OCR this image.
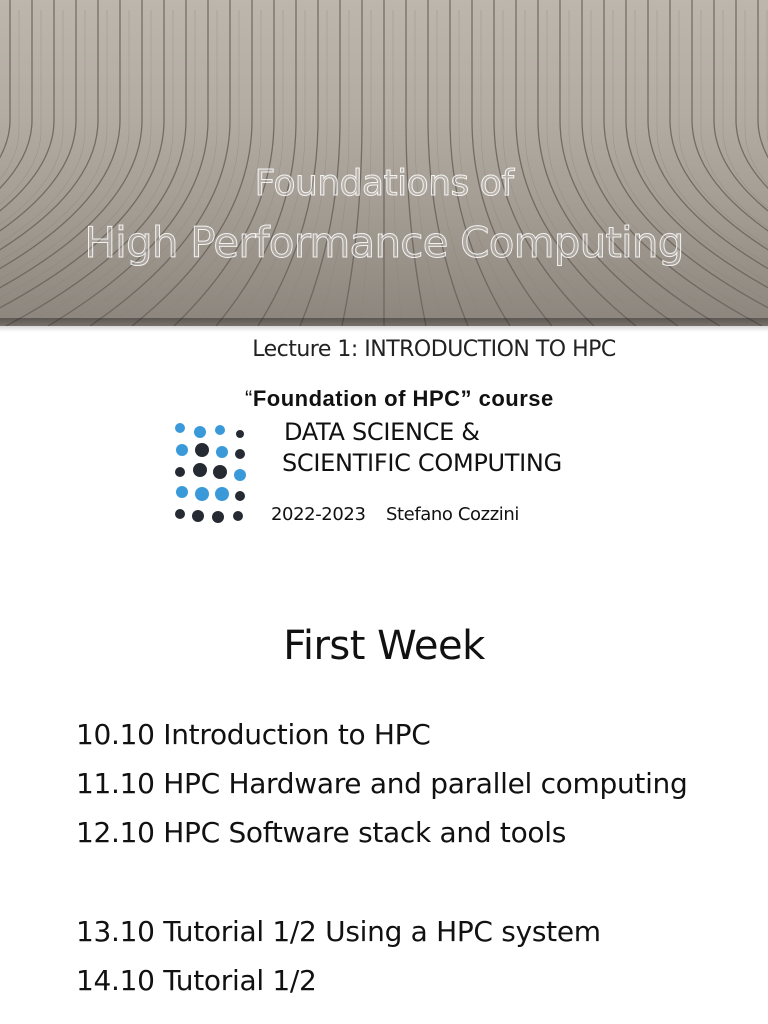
Foundations of
High Performance Computing
Lecture 1: INTRODUCTION TO HPC
“Foundation of HPC” course
DATA SCIENCE &
SCIENTIFIC COMPUTING
2022-2023 Stefano Cozzini
First Week
10.10 Introduction to HPC
11.10 HPC Hardware and parallel computing
12.10 HPC Software stack and tools
13.10 Tutorial 1/2 Using a HPC system
14.10 Tutorial 1/2
